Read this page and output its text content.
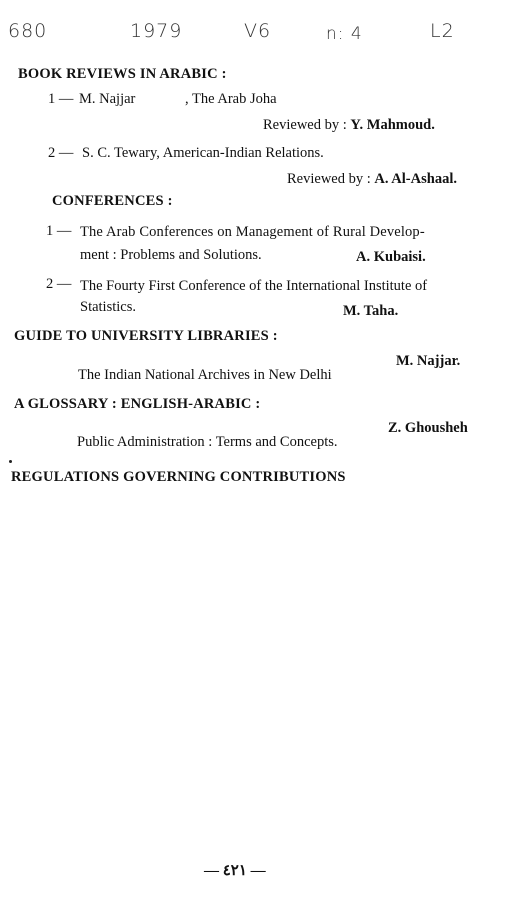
680	1979	V6	n: 4	L2
BOOK REVIEWS IN ARABIC :
1 — M. Najjar	, The Arab Joha
Reviewed by : Y. Mahmoud.
2 — S. C. Tewary, American-Indian Relations.
Reviewed by : A. Al-Ashaal.
CONFERENCES :
1 — The Arab Conferences on Management of Rural Develop-
ment : Problems and Solutions.	A. Kubaisi.
2 — The Fourty First Conference of the International Institute of
Statistics.	M. Taha.
GUIDE TO UNIVERSITY LIBRARIES :
M. Najjar.
The Indian National Archives in New Delhi
A GLOSSARY : ENGLISH-ARABIC :
Z. Ghousheh
Public Administration : Terms and Concepts.
REGULATIONS GOVERNING CONTRIBUTIONS
— ٤٢١ —
